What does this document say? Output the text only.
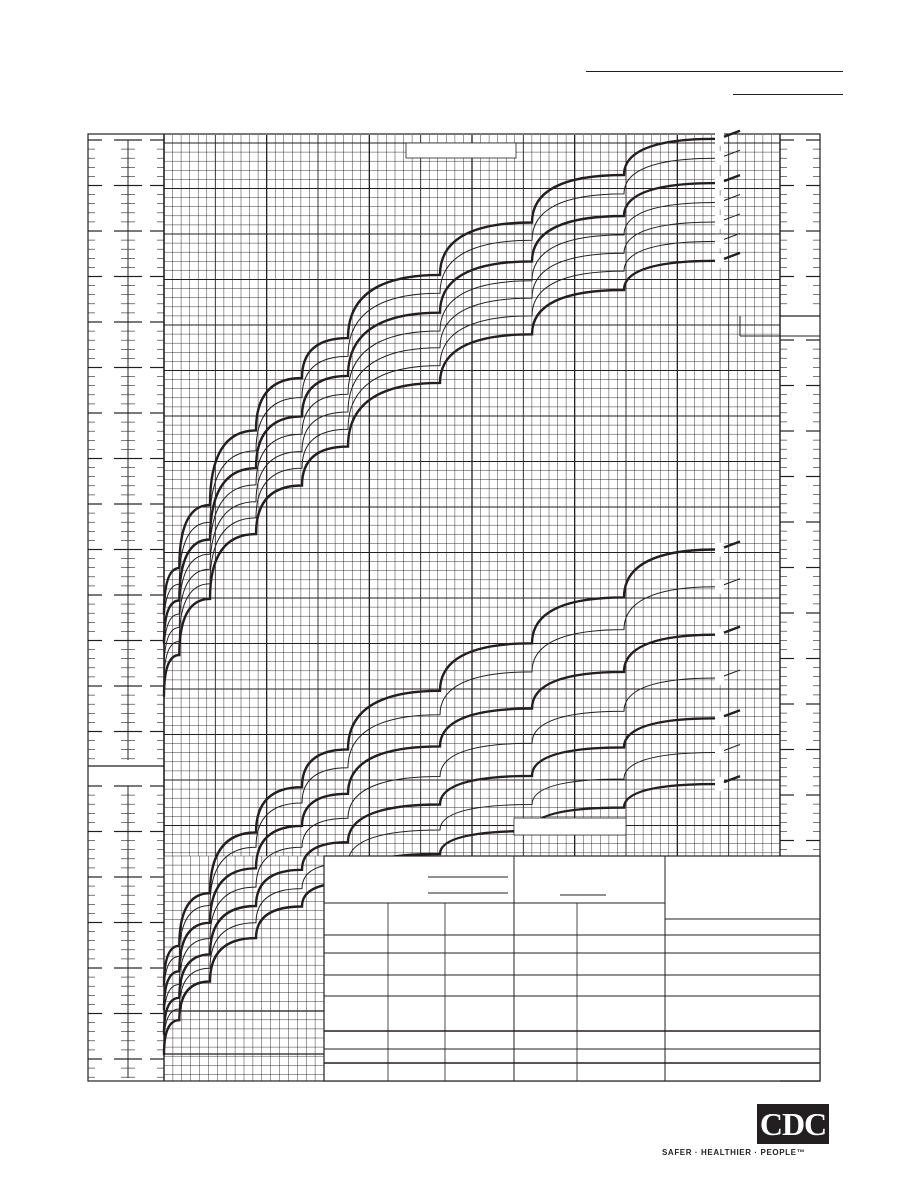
CDC
SAFER · HEALTHIER · PEOPLE™
